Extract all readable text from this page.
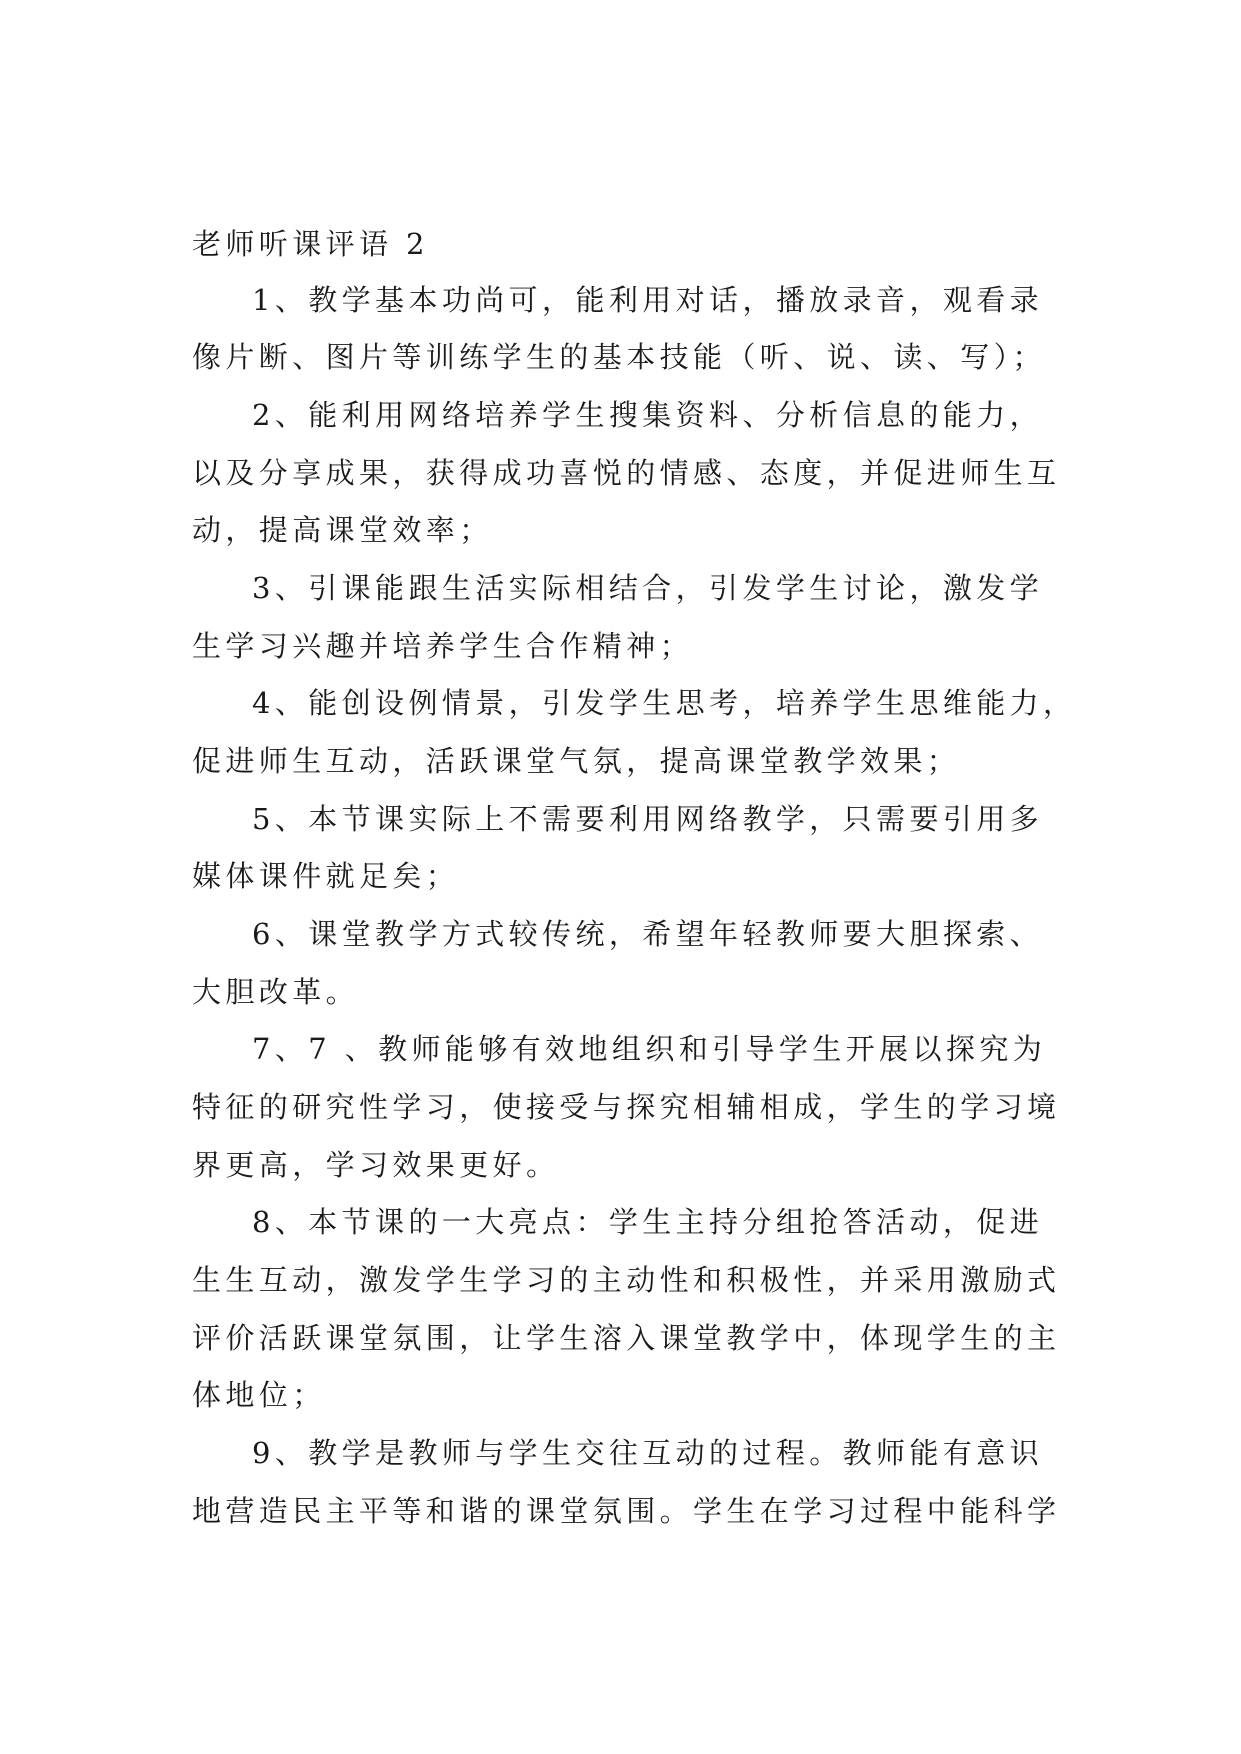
老师听课评语 2
1、教学基本功尚可，能利用对话，播放录音，观看录
像片断、图片等训练学生的基本技能（听、说、读、写）；
2、能利用网络培养学生搜集资料、分析信息的能力，
以及分享成果，获得成功喜悦的情感、态度，并促进师生互
动，提高课堂效率；
3、引课能跟生活实际相结合，引发学生讨论，激发学
生学习兴趣并培养学生合作精神；
4、能创设例情景，引发学生思考，培养学生思维能力，
促进师生互动，活跃课堂气氛，提高课堂教学效果；
5、本节课实际上不需要利用网络教学，只需要引用多
媒体课件就足矣；
6、课堂教学方式较传统，希望年轻教师要大胆探索、
大胆改革。
7、7 、教师能够有效地组织和引导学生开展以探究为
特征的研究性学习，使接受与探究相辅相成，学生的学习境
界更高，学习效果更好。
8、本节课的一大亮点：学生主持分组抢答活动，促进
生生互动，激发学生学习的主动性和积极性，并采用激励式
评价活跃课堂氛围，让学生溶入课堂教学中，体现学生的主
体地位；
9、教学是教师与学生交往互动的过程。教师能有意识
地营造民主平等和谐的课堂氛围。学生在学习过程中能科学
